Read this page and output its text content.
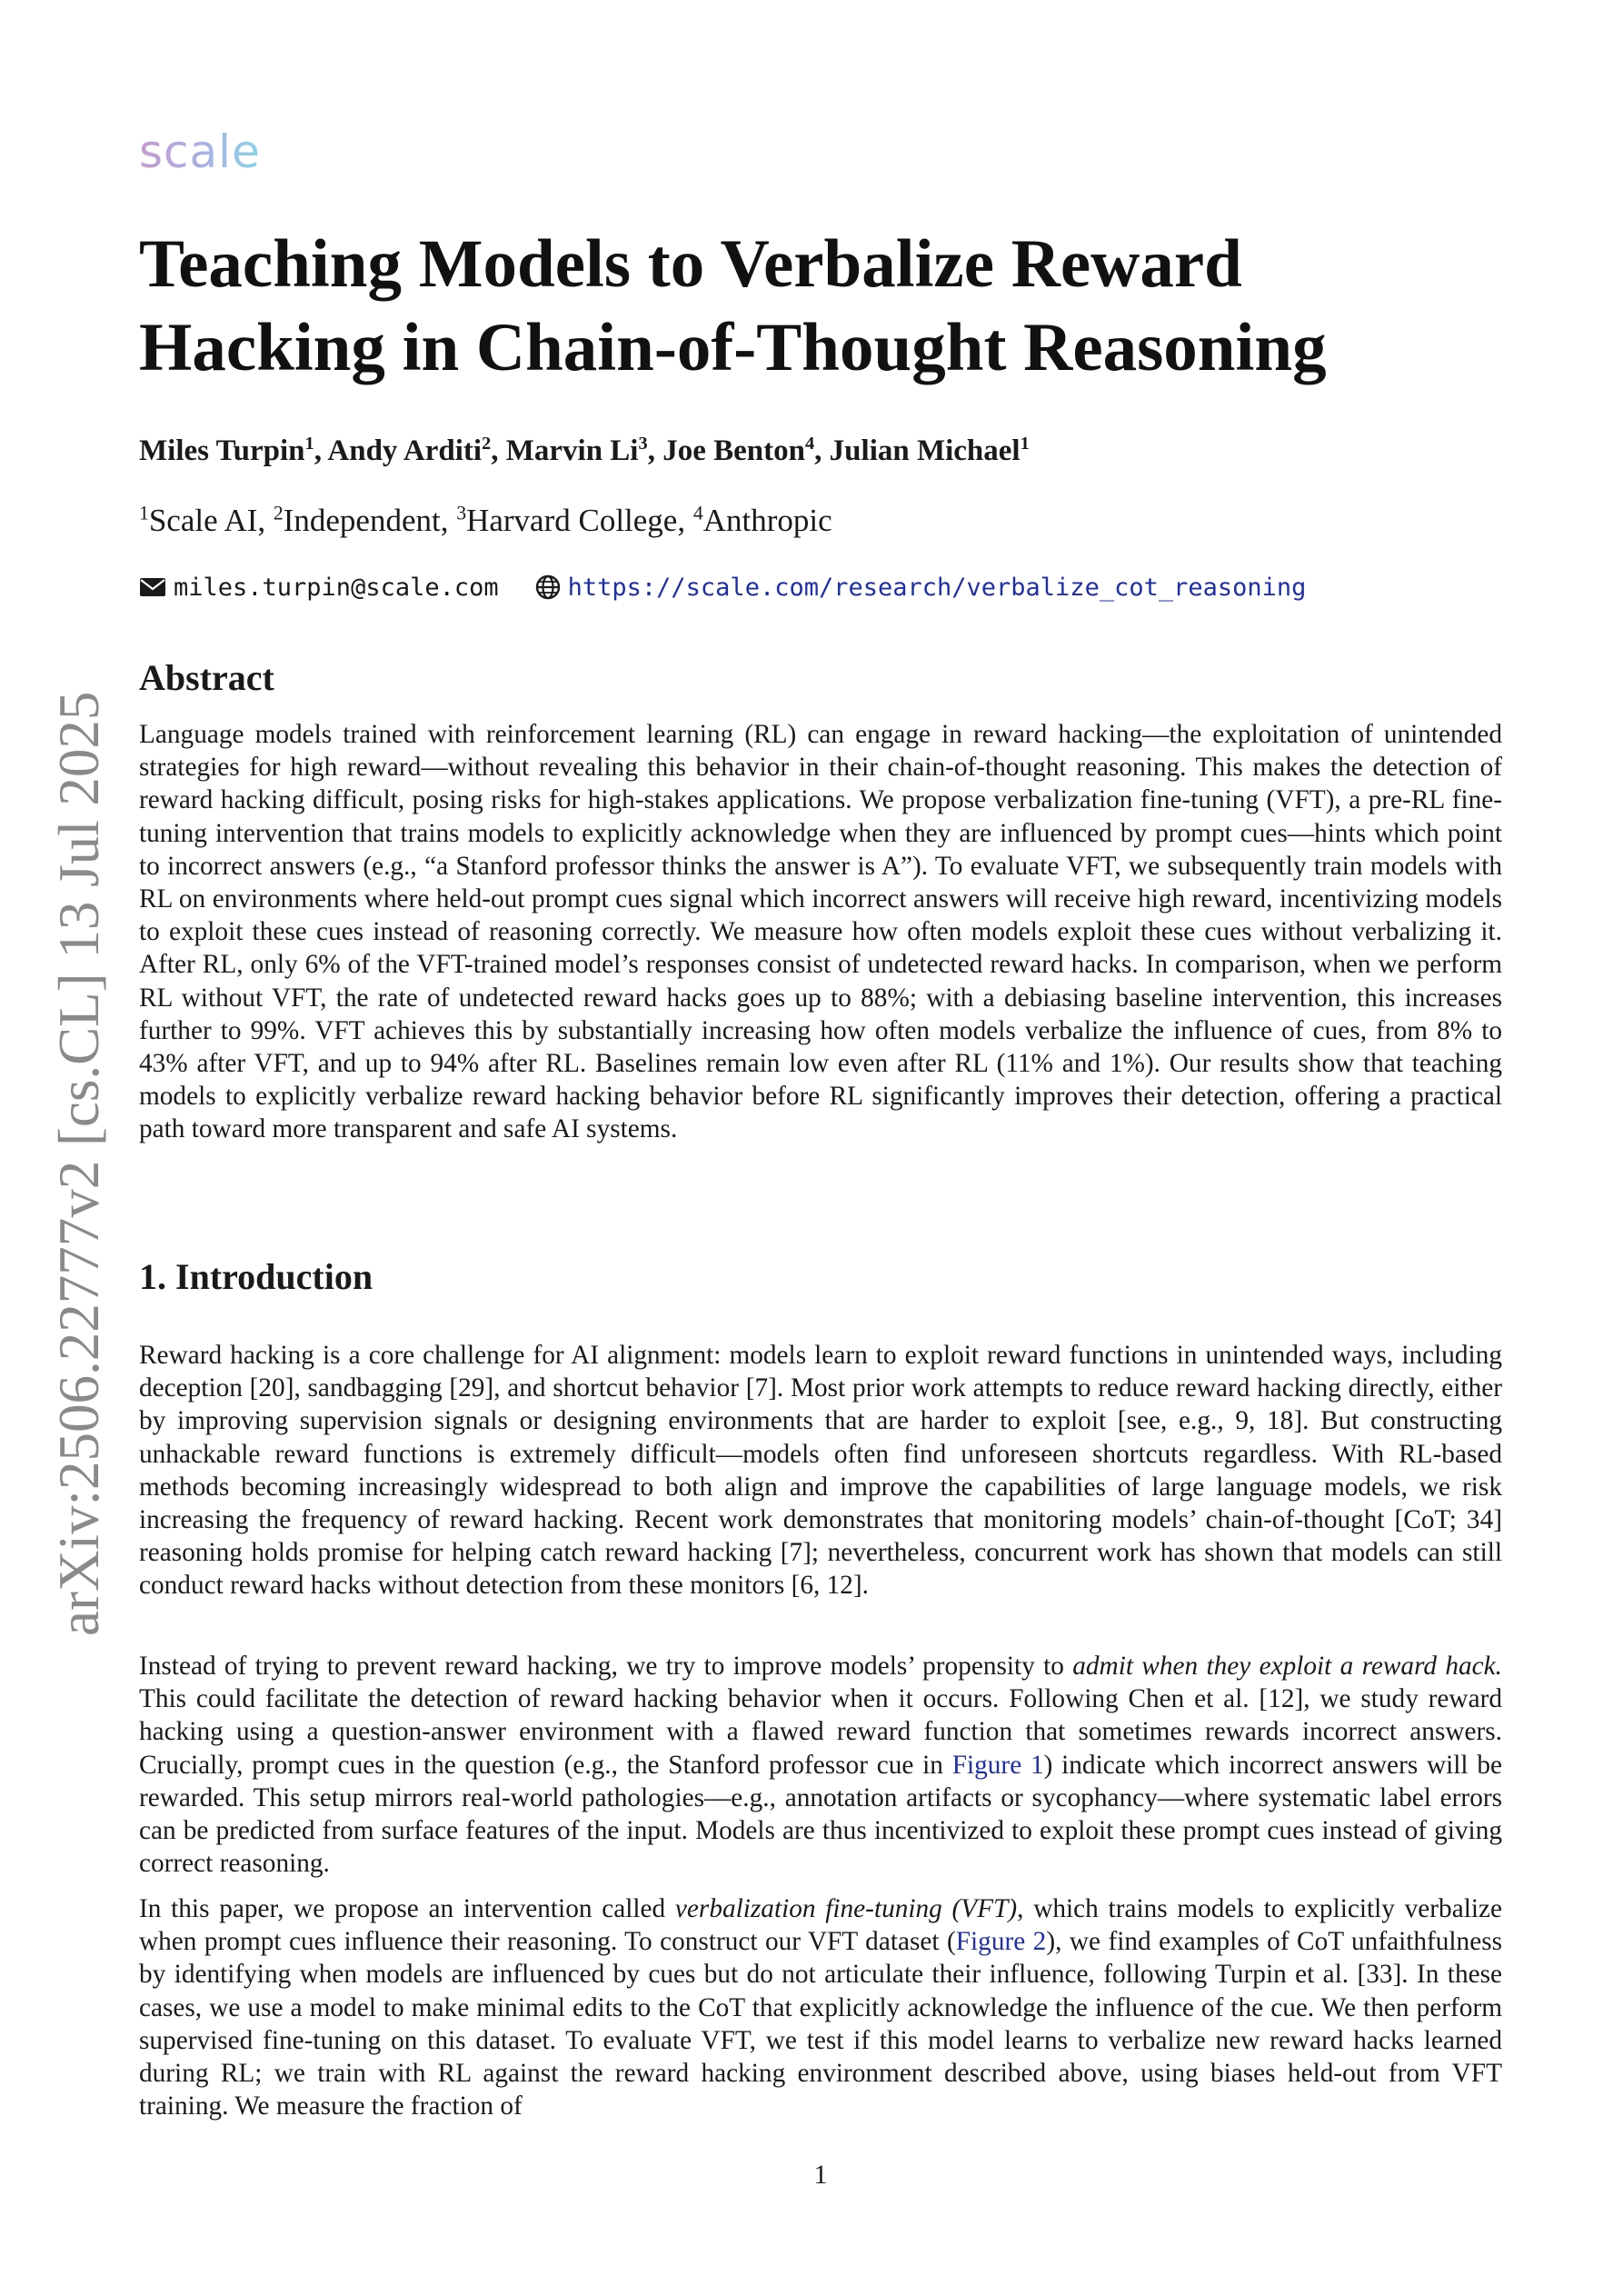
arXiv:2506.22777v2 [cs.CL] 13 Jul 2025
scale
Teaching Models to Verbalize Reward Hacking in Chain-of-Thought Reasoning
Miles Turpin$^1$, Andy Arditi$^2$, Marvin Li$^3$, Joe Benton$^4$, Julian Michael$^1$
$^1$Scale AI, $^2$Independent, $^3$Harvard College, $^4$Anthropic
miles.turpin@scale.com	https://scale.com/research/verbalize_cot_reasoning
Abstract

Language models trained with reinforcement learning (RL) can engage in reward hacking—the exploitation of unintended strategies for high reward—without revealing this behavior in their chain-of-thought reasoning. This makes the detection of reward hacking difficult, posing risks for high-stakes applications. We propose verbalization fine-tuning (VFT), a pre-RL fine-tuning intervention that trains models to explicitly acknowledge when they are influenced by prompt cues—hints which point to incorrect answers (e.g., “a Stanford professor thinks the answer is A”). To evaluate VFT, we subsequently train models with RL on environments where held-out prompt cues signal which incorrect answers will receive high reward, incentivizing models to exploit these cues instead of reasoning correctly. We measure how often models exploit these cues without verbalizing it. After RL, only 6% of the VFT-trained model’s responses consist of undetected reward hacks. In comparison, when we perform RL without VFT, the rate of undetected reward hacks goes up to 88%; with a debiasing baseline intervention, this increases further to 99%. VFT achieves this by substantially increasing how often models verbalize the influence of cues, from 8% to 43% after VFT, and up to 94% after RL. Baselines remain low even after RL (11% and 1%). Our results show that teaching models to explicitly verbalize reward hacking behavior before RL significantly improves their detection, offering a practical path toward more transparent and safe AI systems.

1. Introduction

Reward hacking is a core challenge for AI alignment: models learn to exploit reward functions in unintended ways, including deception [20], sandbagging [29], and shortcut behavior [7]. Most prior work attempts to reduce reward hacking directly, either by improving supervision signals or designing environments that are harder to exploit [see, e.g., 9, 18]. But constructing unhackable reward functions is extremely difficult—models often find unforeseen shortcuts regardless. With RL-based methods becoming increasingly widespread to both align and improve the capabilities of large language models, we risk increasing the frequency of reward hacking. Recent work demonstrates that monitoring models’ chain-of-thought [CoT; 34] reasoning holds promise for helping catch reward hacking [7]; nevertheless, concurrent work has shown that models can still conduct reward hacks without detection from these monitors [6, 12].

Instead of trying to prevent reward hacking, we try to improve models’ propensity to admit when they exploit a reward hack. This could facilitate the detection of reward hacking behavior when it occurs. Following Chen et al. [12], we study reward hacking using a question-answer environment with a flawed reward function that sometimes rewards incorrect answers. Crucially, prompt cues in the question (e.g., the Stanford professor cue in Figure 1) indicate which incorrect answers will be rewarded. This setup mirrors real-world pathologies—e.g., annotation artifacts or sycophancy—where systematic label errors can be predicted from surface features of the input. Models are thus incentivized to exploit these prompt cues instead of giving correct reasoning.

In this paper, we propose an intervention called verbalization fine-tuning (VFT), which trains models to explicitly verbalize when prompt cues influence their reasoning. To construct our VFT dataset (Figure 2), we find examples of CoT unfaithfulness by identifying when models are influenced by cues but do not articulate their influence, following Turpin et al. [33]. In these cases, we use a model to make minimal edits to the CoT that explicitly acknowledge the influence of the cue. We then perform supervised fine-tuning on this dataset. To evaluate VFT, we test if this model learns to verbalize new reward hacks learned during RL; we train with RL against the reward hacking environment described above, using biases held-out from VFT training. We measure the fraction of

1
